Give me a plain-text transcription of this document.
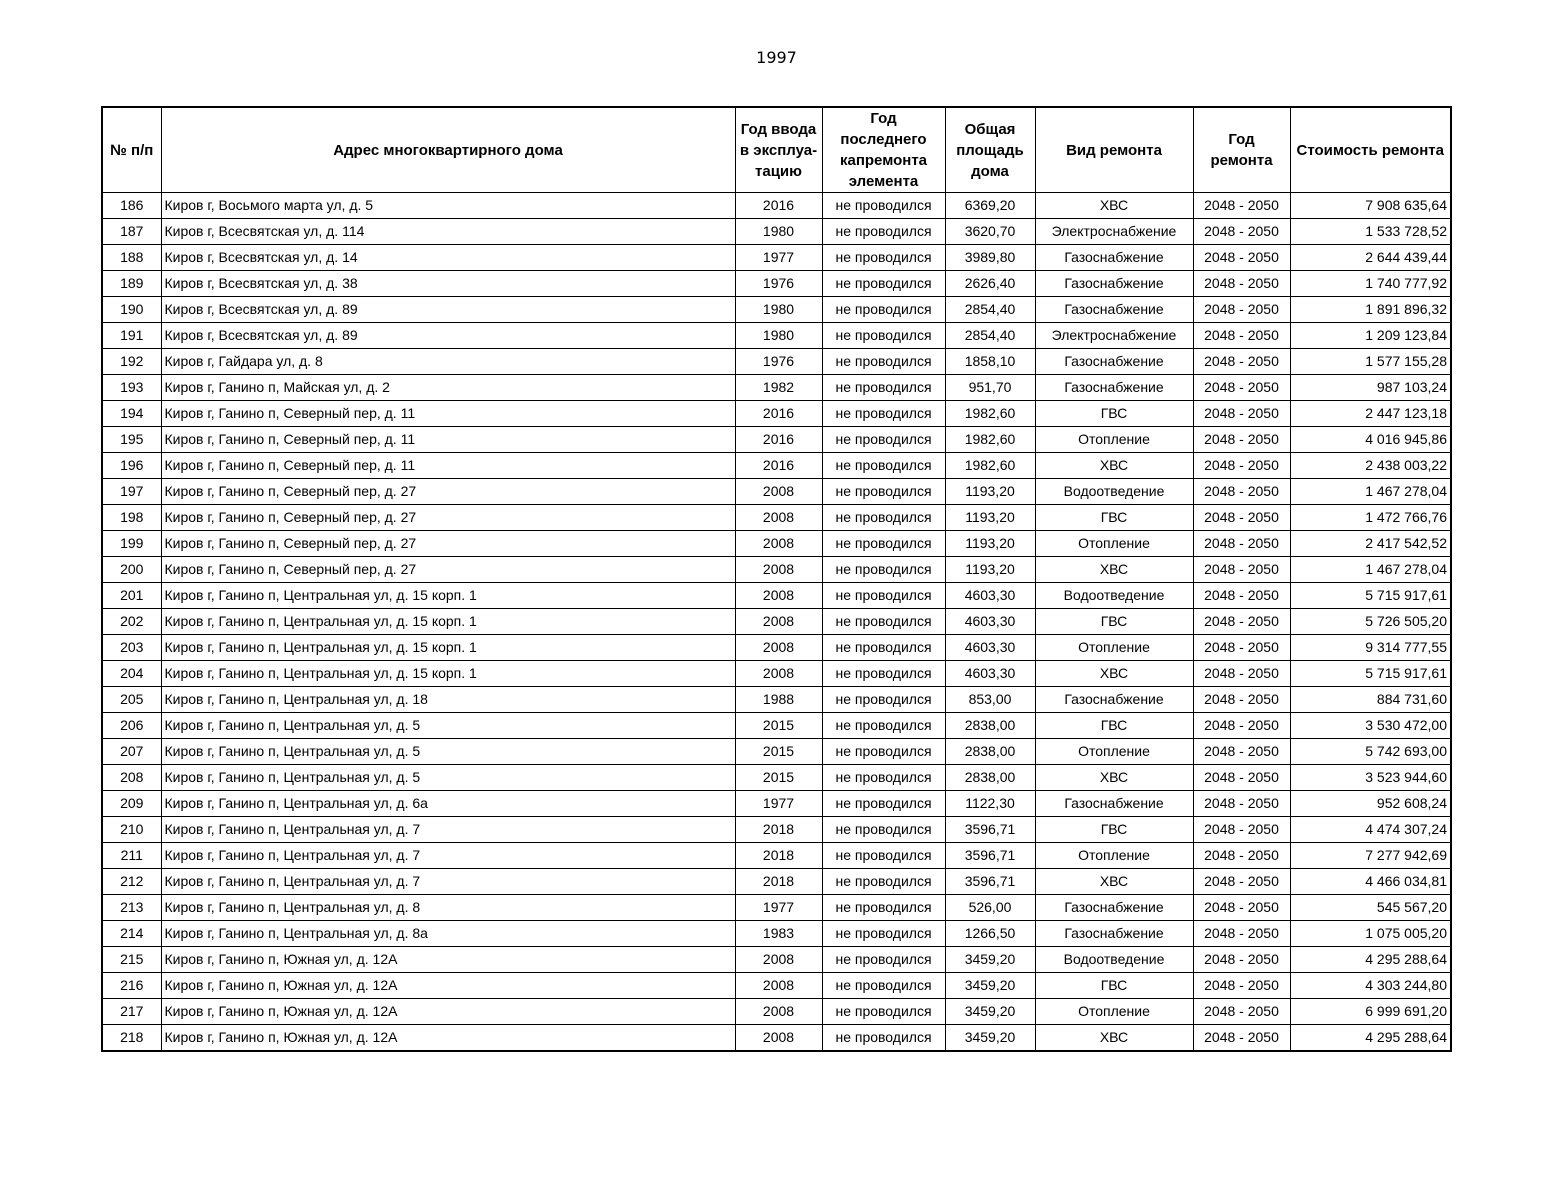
1997
№ п/п	Адрес многоквартирного дома	Год ввода в эксплуа-тацию	Год последнего капремонта элемента	Общая площадь дома	Вид ремонта	Год ремонта	Стоимость ремонта
186	Киров г, Восьмого марта ул, д. 5	2016	не проводился	6369,20	ХВС	2048 - 2050	7 908 635,64
187	Киров г, Всесвятская ул, д. 114	1980	не проводился	3620,70	Электроснабжение	2048 - 2050	1 533 728,52
188	Киров г, Всесвятская ул, д. 14	1977	не проводился	3989,80	Газоснабжение	2048 - 2050	2 644 439,44
189	Киров г, Всесвятская ул, д. 38	1976	не проводился	2626,40	Газоснабжение	2048 - 2050	1 740 777,92
190	Киров г, Всесвятская ул, д. 89	1980	не проводился	2854,40	Газоснабжение	2048 - 2050	1 891 896,32
191	Киров г, Всесвятская ул, д. 89	1980	не проводился	2854,40	Электроснабжение	2048 - 2050	1 209 123,84
192	Киров г, Гайдара ул, д. 8	1976	не проводился	1858,10	Газоснабжение	2048 - 2050	1 577 155,28
193	Киров г, Ганино п, Майская ул, д. 2	1982	не проводился	951,70	Газоснабжение	2048 - 2050	987 103,24
194	Киров г, Ганино п, Северный пер, д. 11	2016	не проводился	1982,60	ГВС	2048 - 2050	2 447 123,18
195	Киров г, Ганино п, Северный пер, д. 11	2016	не проводился	1982,60	Отопление	2048 - 2050	4 016 945,86
196	Киров г, Ганино п, Северный пер, д. 11	2016	не проводился	1982,60	ХВС	2048 - 2050	2 438 003,22
197	Киров г, Ганино п, Северный пер, д. 27	2008	не проводился	1193,20	Водоотведение	2048 - 2050	1 467 278,04
198	Киров г, Ганино п, Северный пер, д. 27	2008	не проводился	1193,20	ГВС	2048 - 2050	1 472 766,76
199	Киров г, Ганино п, Северный пер, д. 27	2008	не проводился	1193,20	Отопление	2048 - 2050	2 417 542,52
200	Киров г, Ганино п, Северный пер, д. 27	2008	не проводился	1193,20	ХВС	2048 - 2050	1 467 278,04
201	Киров г, Ганино п, Центральная ул, д. 15 корп. 1	2008	не проводился	4603,30	Водоотведение	2048 - 2050	5 715 917,61
202	Киров г, Ганино п, Центральная ул, д. 15 корп. 1	2008	не проводился	4603,30	ГВС	2048 - 2050	5 726 505,20
203	Киров г, Ганино п, Центральная ул, д. 15 корп. 1	2008	не проводился	4603,30	Отопление	2048 - 2050	9 314 777,55
204	Киров г, Ганино п, Центральная ул, д. 15 корп. 1	2008	не проводился	4603,30	ХВС	2048 - 2050	5 715 917,61
205	Киров г, Ганино п, Центральная ул, д. 18	1988	не проводился	853,00	Газоснабжение	2048 - 2050	884 731,60
206	Киров г, Ганино п, Центральная ул, д. 5	2015	не проводился	2838,00	ГВС	2048 - 2050	3 530 472,00
207	Киров г, Ганино п, Центральная ул, д. 5	2015	не проводился	2838,00	Отопление	2048 - 2050	5 742 693,00
208	Киров г, Ганино п, Центральная ул, д. 5	2015	не проводился	2838,00	ХВС	2048 - 2050	3 523 944,60
209	Киров г, Ганино п, Центральная ул, д. 6а	1977	не проводился	1122,30	Газоснабжение	2048 - 2050	952 608,24
210	Киров г, Ганино п, Центральная ул, д. 7	2018	не проводился	3596,71	ГВС	2048 - 2050	4 474 307,24
211	Киров г, Ганино п, Центральная ул, д. 7	2018	не проводился	3596,71	Отопление	2048 - 2050	7 277 942,69
212	Киров г, Ганино п, Центральная ул, д. 7	2018	не проводился	3596,71	ХВС	2048 - 2050	4 466 034,81
213	Киров г, Ганино п, Центральная ул, д. 8	1977	не проводился	526,00	Газоснабжение	2048 - 2050	545 567,20
214	Киров г, Ганино п, Центральная ул, д. 8а	1983	не проводился	1266,50	Газоснабжение	2048 - 2050	1 075 005,20
215	Киров г, Ганино п, Южная ул, д. 12А	2008	не проводился	3459,20	Водоотведение	2048 - 2050	4 295 288,64
216	Киров г, Ганино п, Южная ул, д. 12А	2008	не проводился	3459,20	ГВС	2048 - 2050	4 303 244,80
217	Киров г, Ганино п, Южная ул, д. 12А	2008	не проводился	3459,20	Отопление	2048 - 2050	6 999 691,20
218	Киров г, Ганино п, Южная ул, д. 12А	2008	не проводился	3459,20	ХВС	2048 - 2050	4 295 288,64
